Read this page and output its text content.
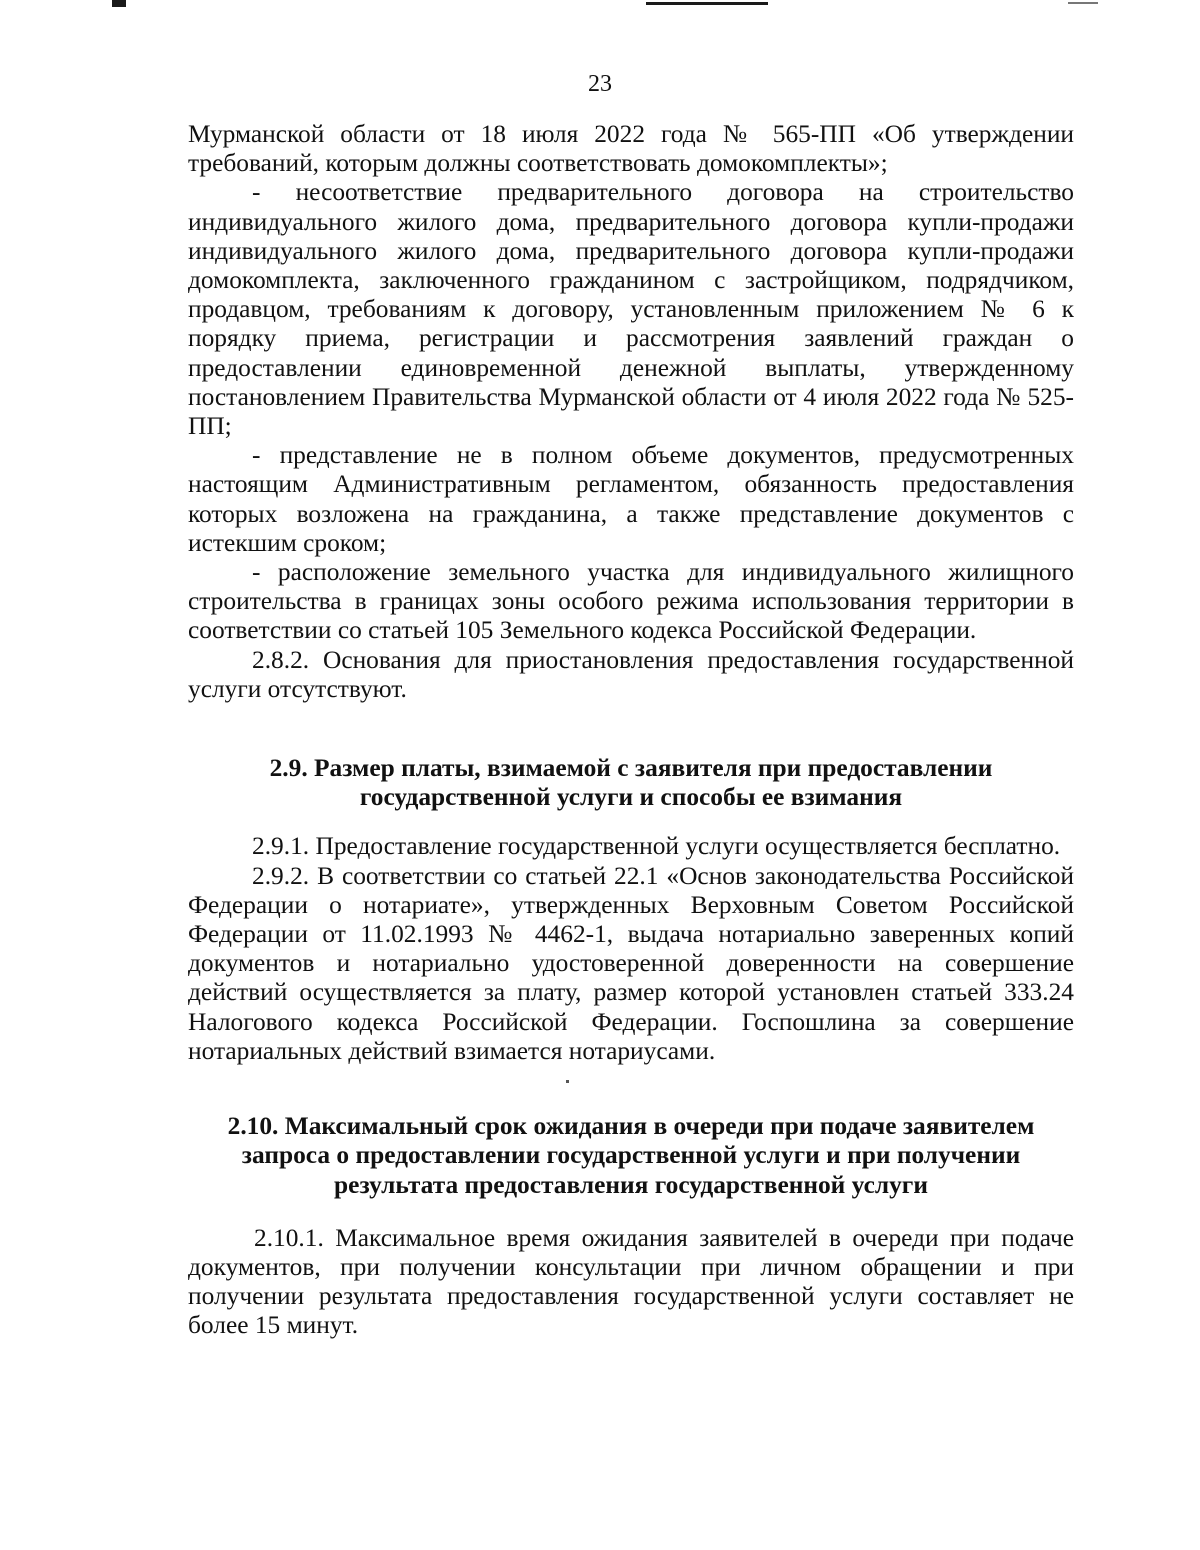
23

Мурманской области от 18 июля 2022 года № 565-ПП «Об утверждении требований, которым должны соответствовать домокомплекты»;

- несоответствие предварительного договора на строительство индивидуального жилого дома, предварительного договора купли-продажи индивидуального жилого дома, предварительного договора купли-продажи домокомплекта, заключенного гражданином с застройщиком, подрядчиком, продавцом, требованиям к договору, установленным приложением № 6 к порядку приема, регистрации и рассмотрения заявлений граждан о предоставлении единовременной денежной выплаты, утвержденному постановлением Правительства Мурманской области от 4 июля 2022 года № 525-ПП;

- представление не в полном объеме документов, предусмотренных настоящим Административным регламентом, обязанность предоставления которых возложена на гражданина, а также представление документов с истекшим сроком;

- расположение земельного участка для индивидуального жилищного строительства в границах зоны особого режима использования территории в соответствии со статьей 105 Земельного кодекса Российской Федерации.

2.8.2. Основания для приостановления предоставления государственной услуги отсутствуют.

2.9. Размер платы, взимаемой с заявителя при предоставлении государственной услуги и способы ее взимания

2.9.1. Предоставление государственной услуги осуществляется бесплатно.

2.9.2. В соответствии со статьей 22.1 «Основ законодательства Российской Федерации о нотариате», утвержденных Верховным Советом Российской Федерации от 11.02.1993 № 4462-1, выдача нотариально заверенных копий документов и нотариально удостоверенной доверенности на совершение действий осуществляется за плату, размер которой установлен статьей 333.24 Налогового кодекса Российской Федерации. Госпошлина за совершение нотариальных действий взимается нотариусами.

2.10. Максимальный срок ожидания в очереди при подаче заявителем запроса о предоставлении государственной услуги и при получении результата предоставления государственной услуги

2.10.1. Максимальное время ожидания заявителей в очереди при подаче документов, при получении консультации при личном обращении и при получении результата предоставления государственной услуги составляет не более 15 минут.
